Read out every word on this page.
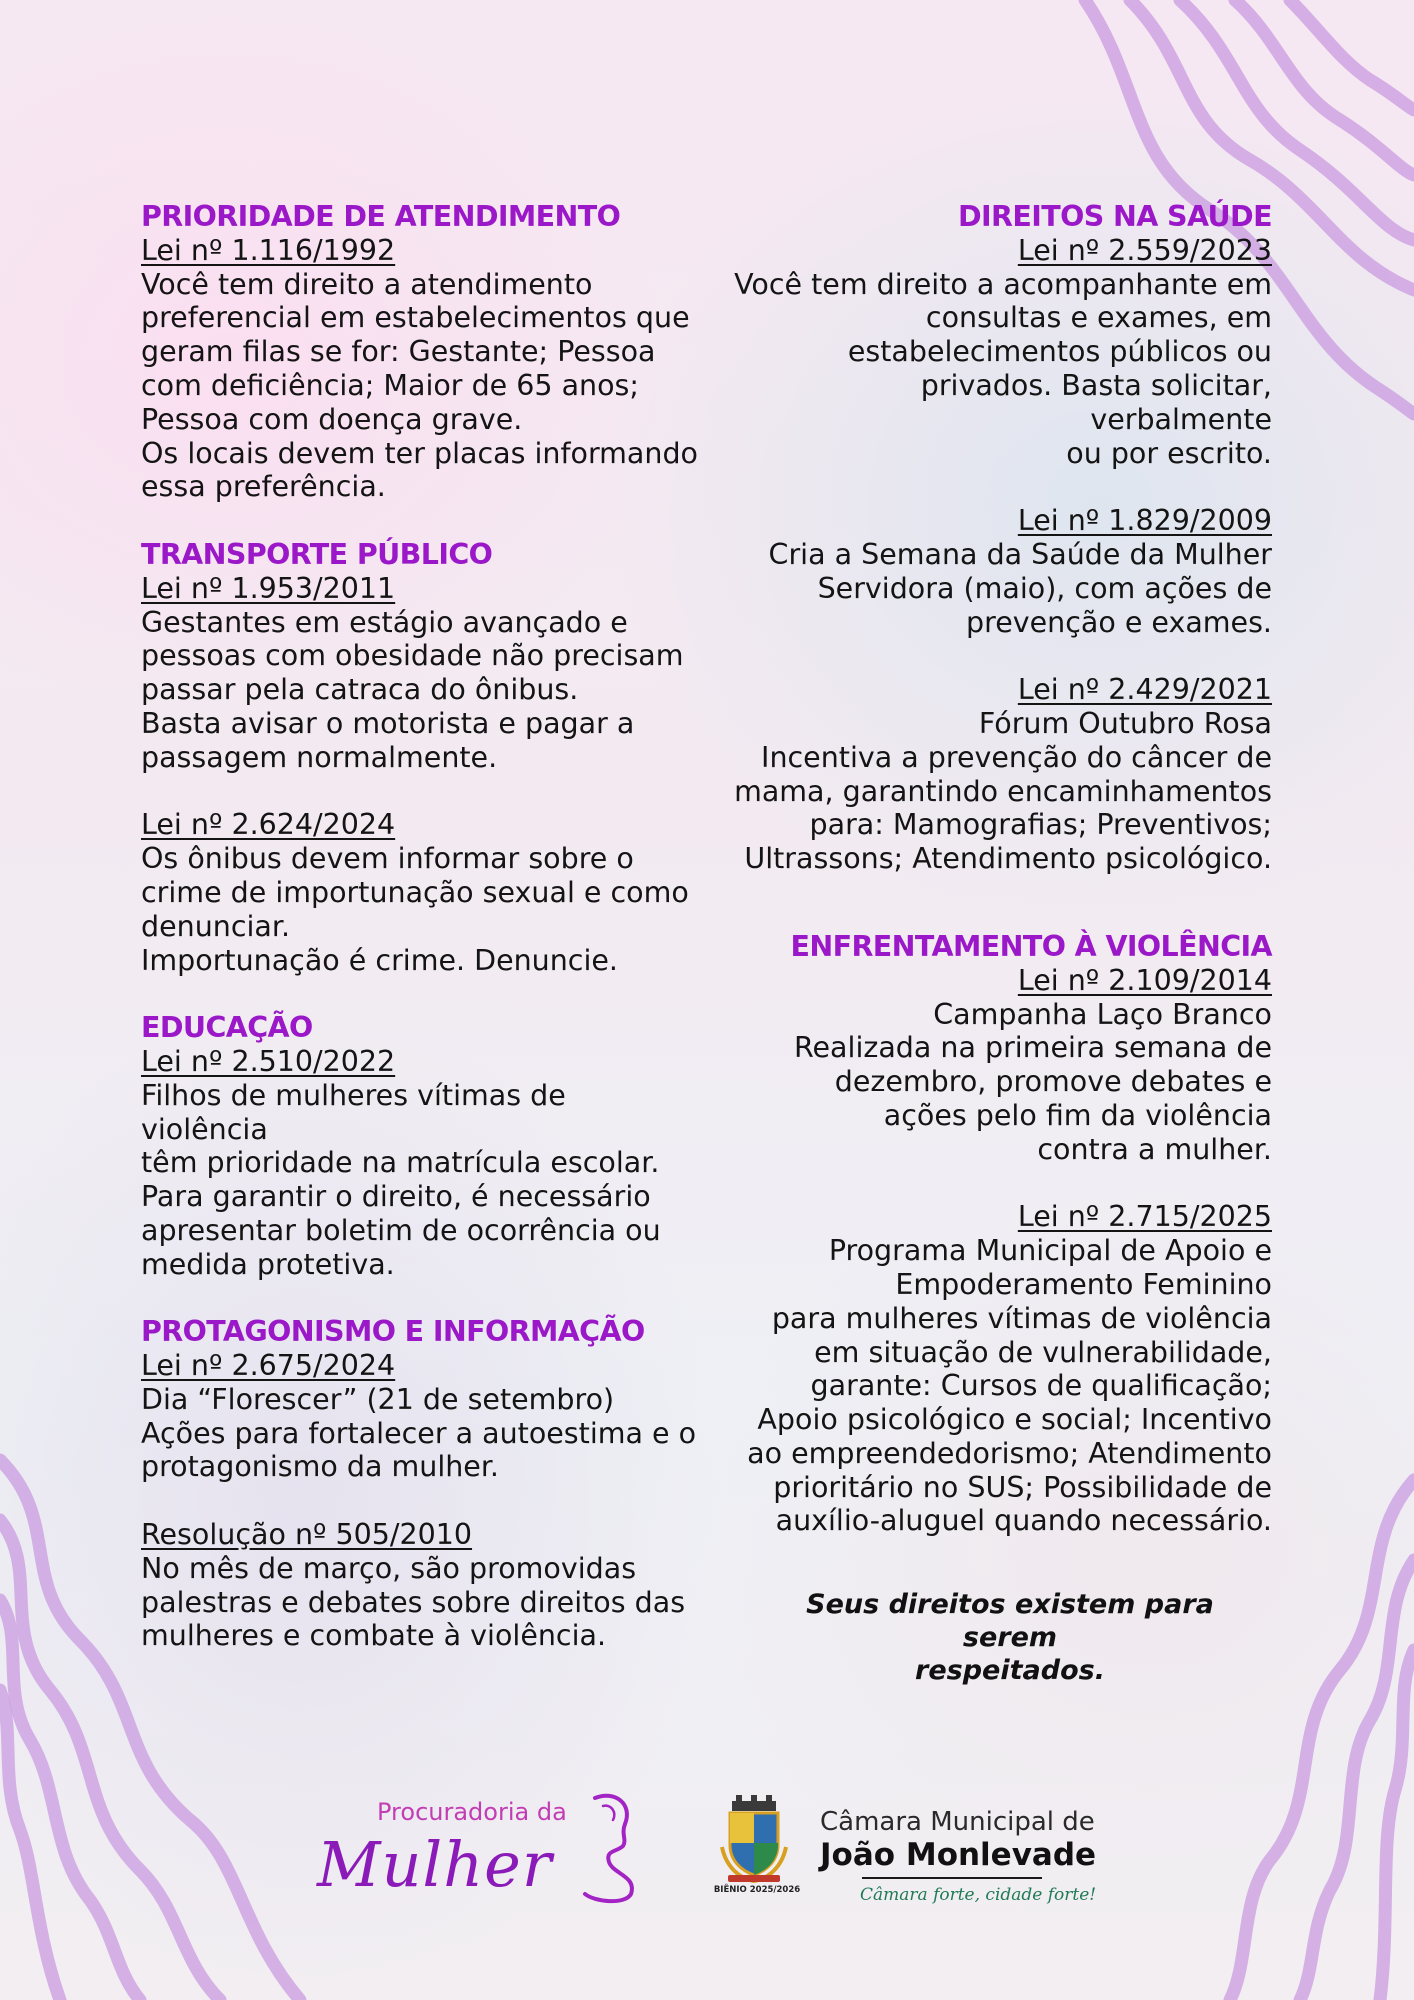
PRIORIDADE DE ATENDIMENTO
Lei nº 1.116/1992

Você tem direito a atendimento

preferencial em estabelecimentos que

geram filas se for: Gestante; Pessoa

com deficiência; Maior de 65 anos;

Pessoa com doença grave.

Os locais devem ter placas informando

essa preferência.

TRANSPORTE PÚBLICO
Lei nº 1.953/2011

Gestantes em estágio avançado e

pessoas com obesidade não precisam

passar pela catraca do ônibus.

Basta avisar o motorista e pagar a

passagem normalmente.

Lei nº 2.624/2024

Os ônibus devem informar sobre o

crime de importunação sexual e como

denunciar.

Importunação é crime. Denuncie.

EDUCAÇÃO
Lei nº 2.510/2022

Filhos de mulheres vítimas de violência

têm prioridade na matrícula escolar.

Para garantir o direito, é necessário

apresentar boletim de ocorrência ou

medida protetiva.

PROTAGONISMO E INFORMAÇÃO
Lei nº 2.675/2024

Dia “Florescer” (21 de setembro)

Ações para fortalecer a autoestima e o

protagonismo da mulher.

Resolução nº 505/2010

No mês de março, são promovidas

palestras e debates sobre direitos das

mulheres e combate à violência.

DIREITOS NA SAÚDE
Lei nº 2.559/2023

Você tem direito a acompanhante em

consultas e exames, em

estabelecimentos públicos ou

privados. Basta solicitar, verbalmente

ou por escrito.

Lei nº 1.829/2009

Cria a Semana da Saúde da Mulher

Servidora (maio), com ações de

prevenção e exames.

Lei nº 2.429/2021

Fórum Outubro Rosa

Incentiva a prevenção do câncer de

mama, garantindo encaminhamentos

para: Mamografias; Preventivos;

Ultrassons; Atendimento psicológico.

ENFRENTAMENTO À VIOLÊNCIA
Lei nº 2.109/2014

Campanha Laço Branco

Realizada na primeira semana de

dezembro, promove debates e

ações pelo fim da violência

contra a mulher.

Lei nº 2.715/2025

Programa Municipal de Apoio e

Empoderamento Feminino

para mulheres vítimas de violência

em situação de vulnerabilidade,

garante: Cursos de qualificação;

Apoio psicológico e social; Incentivo

ao empreendedorismo; Atendimento

prioritário no SUS; Possibilidade de

auxílio-aluguel quando necessário.

Seus direitos existem para serem
respeitados.
Procuradoria da
Mulher	BIÊNIO 2025/2026
Câmara Municipal de
João Monlevade
Câmara forte, cidade forte!
